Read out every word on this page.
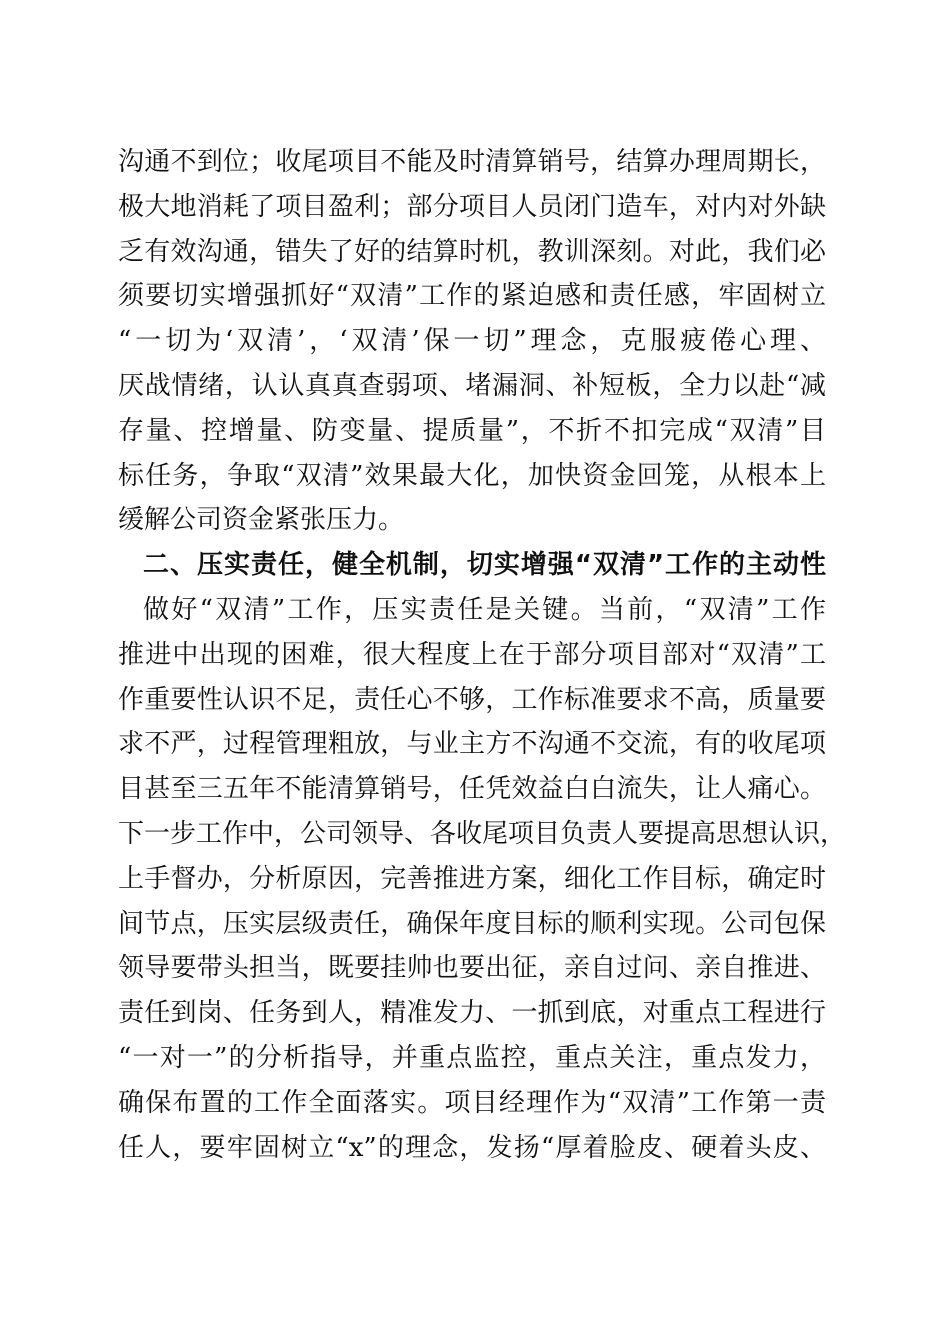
沟通不到位；收尾项目不能及时清算销号，结算办理周期长，
极大地消耗了项目盈利；部分项目人员闭门造车，对内对外缺
乏有效沟通，错失了好的结算时机，教训深刻。对此，我们必
须要切实增强抓好“双清”工作的紧迫感和责任感，牢固树立
“一切为‘双清’，‘双清’保一切”理念，克服疲倦心理、
厌战情绪，认认真真查弱项、堵漏洞、补短板，全力以赴“减
存量、控增量、防变量、提质量”，不折不扣完成“双清”目
标任务，争取“双清”效果最大化，加快资金回笼，从根本上
缓解公司资金紧张压力。
二、压实责任，健全机制，切实增强“双清”工作的主动性
做好“双清”工作，压实责任是关键。当前，“双清”工作
推进中出现的困难，很大程度上在于部分项目部对“双清”工
作重要性认识不足，责任心不够，工作标准要求不高，质量要
求不严，过程管理粗放，与业主方不沟通不交流，有的收尾项
目甚至三五年不能清算销号，任凭效益白白流失，让人痛心。
下一步工作中，公司领导、各收尾项目负责人要提高思想认识，
上手督办，分析原因，完善推进方案，细化工作目标，确定时
间节点，压实层级责任，确保年度目标的顺利实现。公司包保
领导要带头担当，既要挂帅也要出征，亲自过问、亲自推进、
责任到岗、任务到人，精准发力、一抓到底，对重点工程进行
“一对一”的分析指导，并重点监控，重点关注，重点发力，
确保布置的工作全面落实。项目经理作为“双清”工作第一责
任人，要牢固树立“x”的理念，发扬“厚着脸皮、硬着头皮、
